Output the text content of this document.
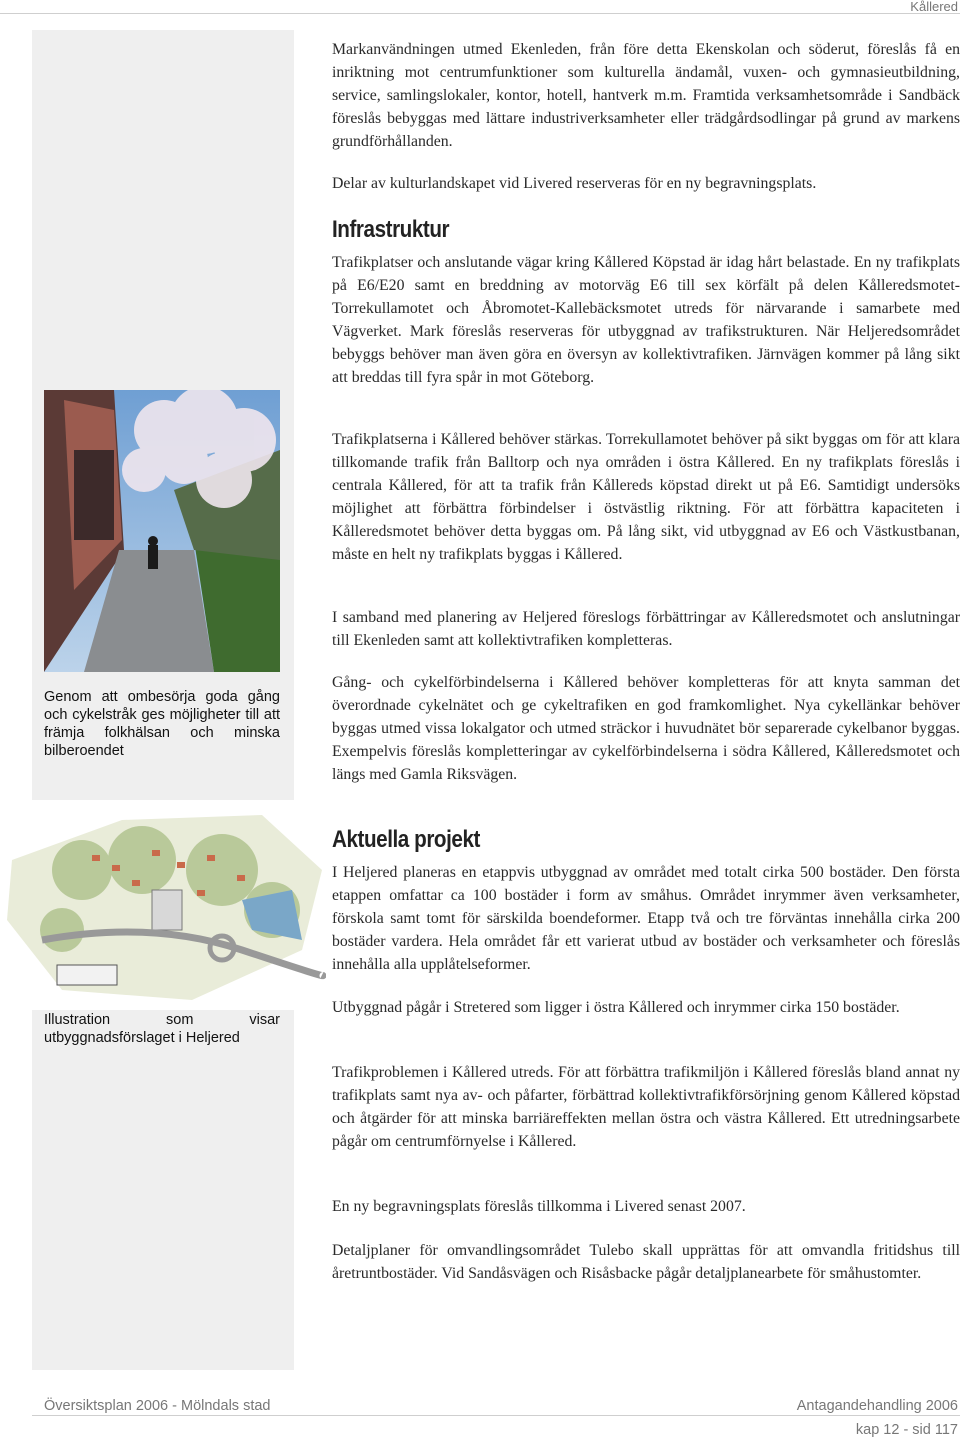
Kållered
Genom att ombesörja goda gång och cykelstråk ges möjligheter till att främja folkhälsan och minska bilberoendet
Illustration som visar utbyggnadsförslaget i Heljered

Markanvändningen utmed Ekenleden, från före detta Ekenskolan och söderut, föreslås få en inriktning mot centrumfunktioner som kulturella ändamål, vuxen- och gymnasieutbildning, service, samlingslokaler, kontor, hotell, hantverk m.m. Framtida verksamhetsområde i Sandbäck föreslås bebyggas med lättare industriverksamheter eller trädgårdsodlingar på grund av markens grundförhållanden.

Delar av kulturlandskapet vid Livered reserveras för en ny begravningsplats.

Infrastruktur

Trafikplatser och anslutande vägar kring Kållered Köpstad är idag hårt belastade. En ny trafikplats på E6/E20 samt en breddning av motorväg E6 till sex körfält på delen Kålleredsmotet-Torrekullamotet och Åbromotet-Kallebäcksmotet utreds för närvarande i samarbete med Vägverket. Mark föreslås reserveras för utbyggnad av trafikstrukturen. När Heljeredsområdet bebyggs behöver man även göra en översyn av kollektivtrafiken. Järnvägen kommer på lång sikt att breddas till fyra spår in mot Göteborg.

Trafikplatserna i Kållered behöver stärkas. Torrekullamotet behöver på sikt byggas om för att klara tillkomande trafik från Balltorp och nya områden i östra Kållered. En ny trafikplats föreslås i centrala Kållered, för att ta trafik från Kållereds köpstad direkt ut på E6. Samtidigt undersöks möjlighet att förbättra förbindelser i östvästlig riktning. För att förbättra kapaciteten i Kålleredsmotet behöver detta byggas om. På lång sikt, vid utbyggnad av E6 och Västkustbanan, måste en helt ny trafikplats byggas i Kållered.

I samband med planering av Heljered föreslogs förbättringar av Kålleredsmotet och anslutningar till Ekenleden samt att kollektivtrafiken kompletteras.

Gång- och cykelförbindelserna i Kållered behöver kompletteras för att knyta samman det överordnade cykelnätet och ge cykeltrafiken en god framkomlighet. Nya cykellänkar behöver byggas utmed vissa lokalgator och utmed sträckor i huvudnätet bör separerade cykelbanor byggas. Exempelvis föreslås kompletteringar av cykelförbindelserna i södra Kållered, Kålleredsmotet och längs med Gamla Riksvägen.

Aktuella projekt

I Heljered planeras en etappvis utbyggnad av området med totalt cirka 500 bostäder. Den första etappen omfattar ca 100 bostäder i form av småhus. Området inrymmer även verksamheter, förskola samt tomt för särskilda boendeformer. Etapp två och tre förväntas innehålla cirka 200 bostäder vardera. Hela området får ett varierat utbud av bostäder och verksamheter och föreslås innehålla alla upplåtelseformer.

Utbyggnad pågår i Stretered som ligger i östra Kållered och inrymmer cirka 150 bostäder.

Trafikproblemen i Kållered utreds. För att förbättra trafikmiljön i Kållered föreslås bland annat ny trafikplats samt nya av- och påfarter, förbättrad kollektivtrafikförsörjning genom Kållered köpstad och åtgärder för att minska barriäreffekten mellan östra och västra Kållered. Ett utredningsarbete pågår om centrumförnyelse i Kållered.

En ny begravningsplats föreslås tillkomma i Livered senast 2007.

Detaljplaner för omvandlingsområdet Tulebo skall upprättas för att omvandla fritidshus till åretruntbostäder. Vid Sandåsvägen och Risåsbacke pågår detaljplanearbete för småhustomter.

Översiktsplan 2006 - Mölndals stad	Antagandehandling 2006
kap 12 - sid 117
